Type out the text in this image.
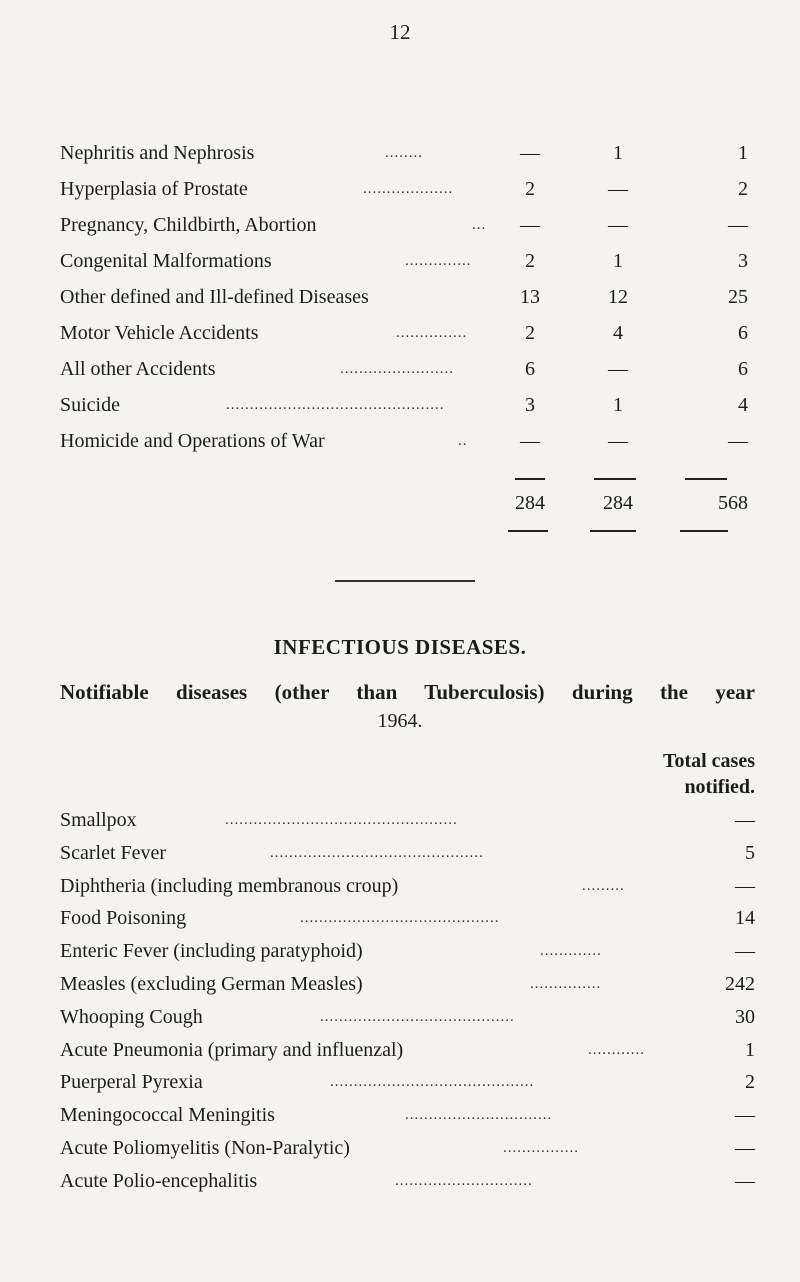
12
Nephritis and Nephrosis	........	—	1	1
Hyperplasia of Prostate	...................	2	—	2
Pregnancy, Childbirth, Abortion	...	—	—	—
Congenital Malformations	..............	2	1	3
Other defined and Ill-defined Diseases	13	12	25
Motor Vehicle Accidents	...............	2	4	6
All other Accidents	........................	6	—	6
Suicide	..............................................	3	1	4
Homicide and Operations of War	..	—	—	—
284	284	568
INFECTIOUS DISEASES.
Notifiable diseases (other than Tuberculosis) during the year
1964.
Total cases
notified.
Smallpox	.................................................	—
Scarlet Fever	.............................................	5
Diphtheria (including membranous croup)	.........	—
Food Poisoning	..........................................	14
Enteric Fever (including paratyphoid)	.............	—
Measles (excluding German Measles)	...............	242
Whooping Cough	.........................................	30
Acute Pneumonia (primary and influenzal)	............	1
Puerperal Pyrexia	...........................................	2
Meningococcal Meningitis	...............................	—
Acute Poliomyelitis (Non-Paralytic)	................	—
Acute Polio-encephalitis	.............................	—
